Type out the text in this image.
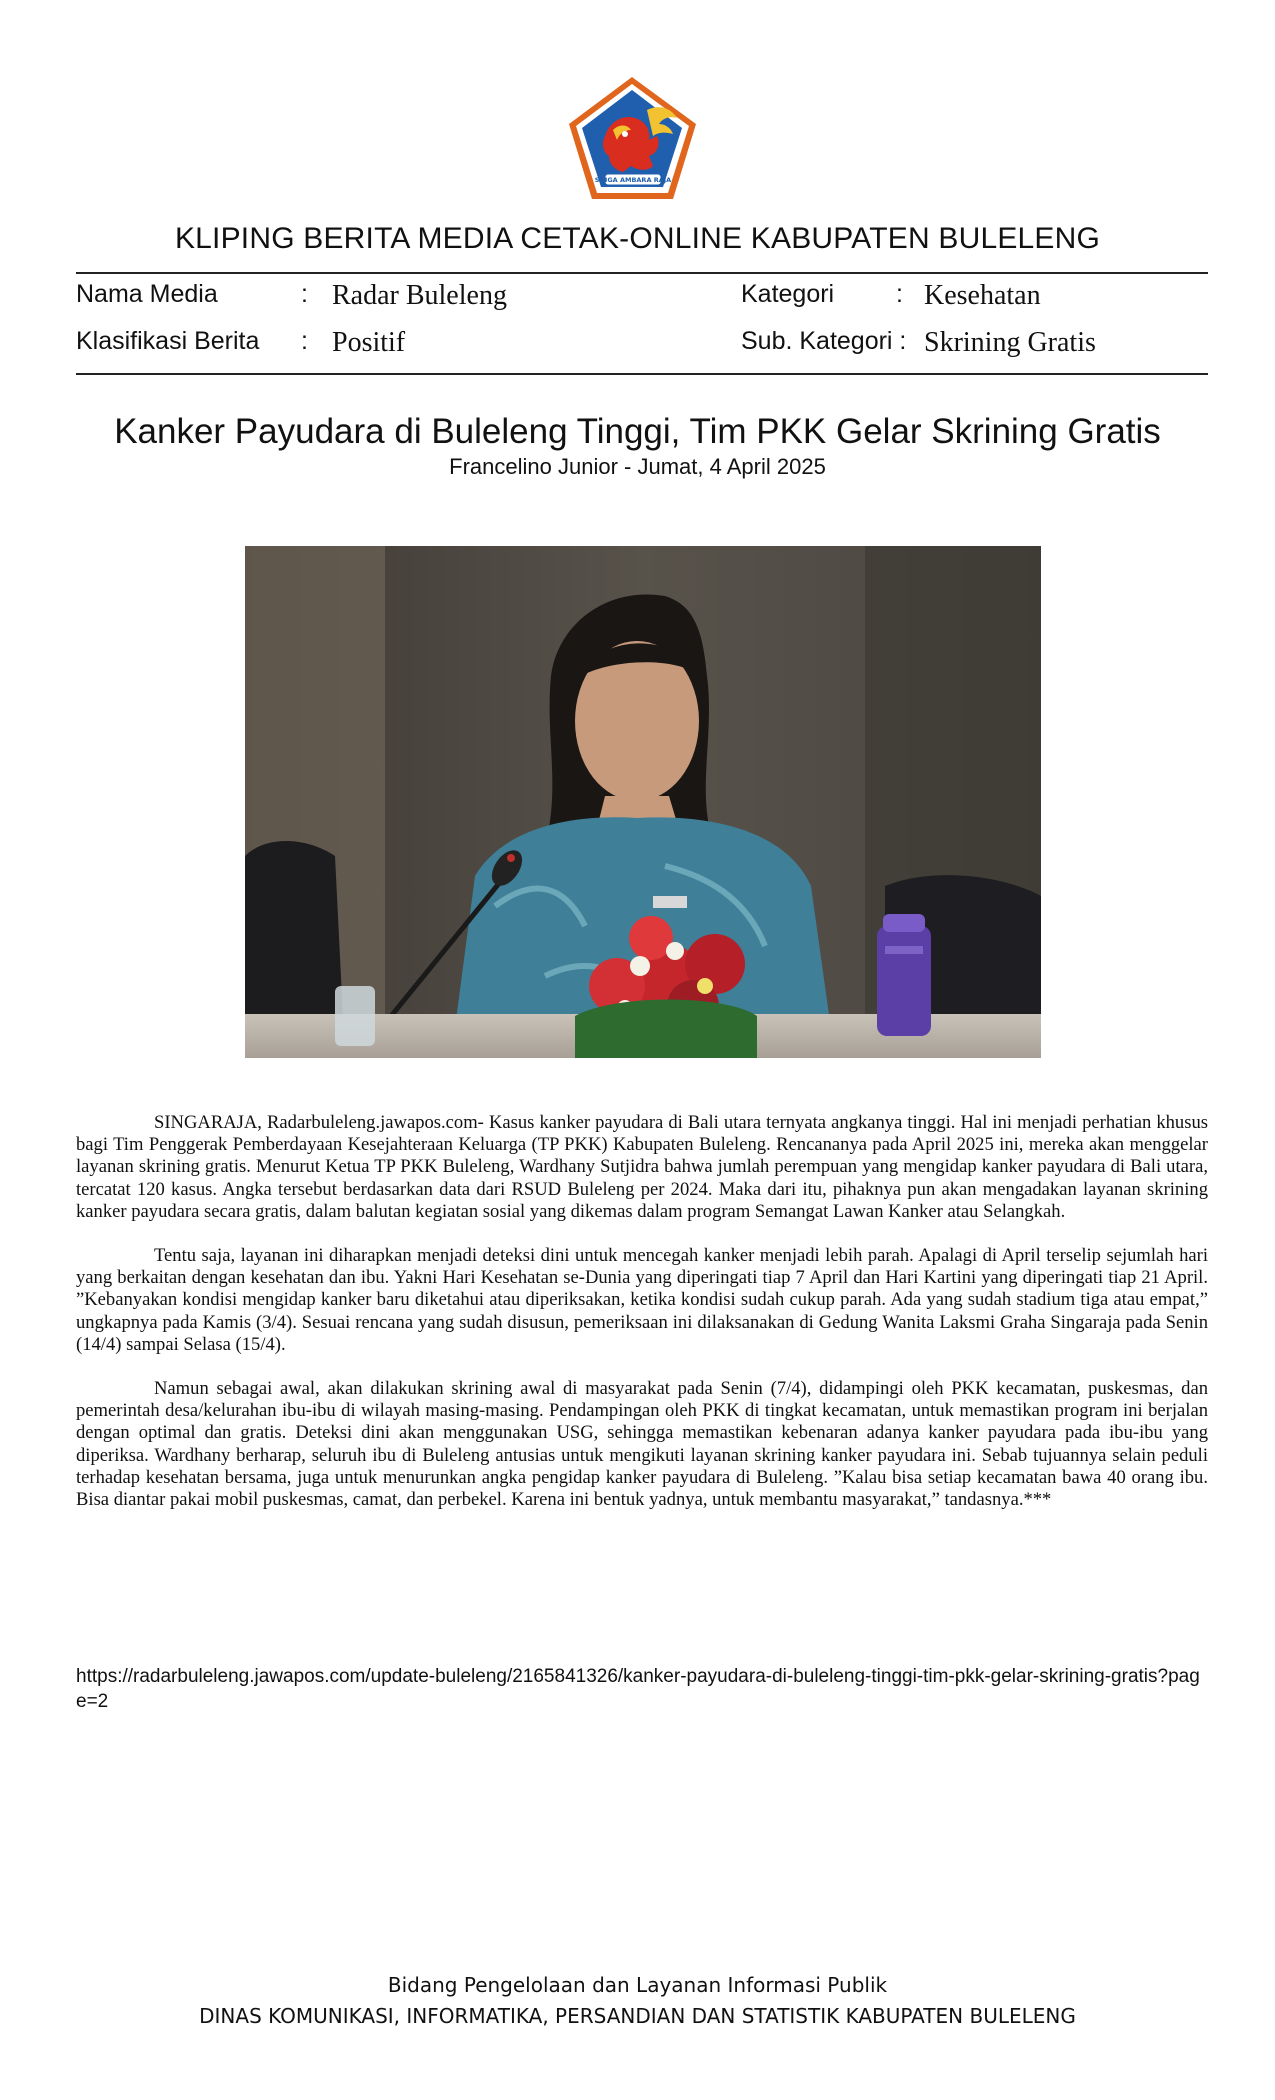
SINGA AMBARA RAJA
KLIPING BERITA MEDIA CETAK-ONLINE KABUPATEN BULELENG
Nama Media	: Radar Buleleng
Klasifikasi Berita : Positif
Kategori : Kesehatan
Sub. Kategori : Skrining Gratis
Kanker Payudara di Buleleng Tinggi, Tim PKK Gelar Skrining Gratis
Francelino Junior - Jumat, 4 April 2025

SINGARAJA, Radarbuleleng.jawapos.com- Kasus kanker payudara di Bali utara ternyata angkanya tinggi. Hal ini menjadi perhatian khusus bagi Tim Penggerak Pemberdayaan Kesejahteraan Keluarga (TP PKK) Kabupaten Buleleng. Rencananya pada April 2025 ini, mereka akan menggelar layanan skrining gratis. Menurut Ketua TP PKK Buleleng, Wardhany Sutjidra bahwa jumlah perempuan yang mengidap kanker payudara di Bali utara, tercatat 120 kasus. Angka tersebut berdasarkan data dari RSUD Buleleng per 2024. Maka dari itu, pihaknya pun akan mengadakan layanan skrining kanker payudara secara gratis, dalam balutan kegiatan sosial yang dikemas dalam program Semangat Lawan Kanker atau Selangkah.

Tentu saja, layanan ini diharapkan menjadi deteksi dini untuk mencegah kanker menjadi lebih parah. Apalagi di April terselip sejumlah hari yang berkaitan dengan kesehatan dan ibu. Yakni Hari Kesehatan se-Dunia yang diperingati tiap 7 April dan Hari Kartini yang diperingati tiap 21 April. ”Kebanyakan kondisi mengidap kanker baru diketahui atau diperiksakan, ketika kondisi sudah cukup parah. Ada yang sudah stadium tiga atau empat,” ungkapnya pada Kamis (3/4). Sesuai rencana yang sudah disusun, pemeriksaan ini dilaksanakan di Gedung Wanita Laksmi Graha Singaraja pada Senin (14/4) sampai Selasa (15/4).

Namun sebagai awal, akan dilakukan skrining awal di masyarakat pada Senin (7/4), didampingi oleh PKK kecamatan, puskesmas, dan pemerintah desa/kelurahan ibu-ibu di wilayah masing-masing. Pendampingan oleh PKK di tingkat kecamatan, untuk memastikan program ini berjalan dengan optimal dan gratis. Deteksi dini akan menggunakan USG, sehingga memastikan kebenaran adanya kanker payudara pada ibu-ibu yang diperiksa. Wardhany berharap, seluruh ibu di Buleleng antusias untuk mengikuti layanan skrining kanker payudara ini. Sebab tujuannya selain peduli terhadap kesehatan bersama, juga untuk menurunkan angka pengidap kanker payudara di Buleleng. ”Kalau bisa setiap kecamatan bawa 40 orang ibu. Bisa diantar pakai mobil puskesmas, camat, dan perbekel. Karena ini bentuk yadnya, untuk membantu masyarakat,” tandasnya.***

https://radarbuleleng.jawapos.com/update-buleleng/2165841326/kanker-payudara-di-buleleng-tinggi-tim-pkk-gelar-skrining-gratis?page=2
Bidang Pengelolaan dan Layanan Informasi Publik
DINAS KOMUNIKASI, INFORMATIKA, PERSANDIAN DAN STATISTIK KABUPATEN BULELENG
